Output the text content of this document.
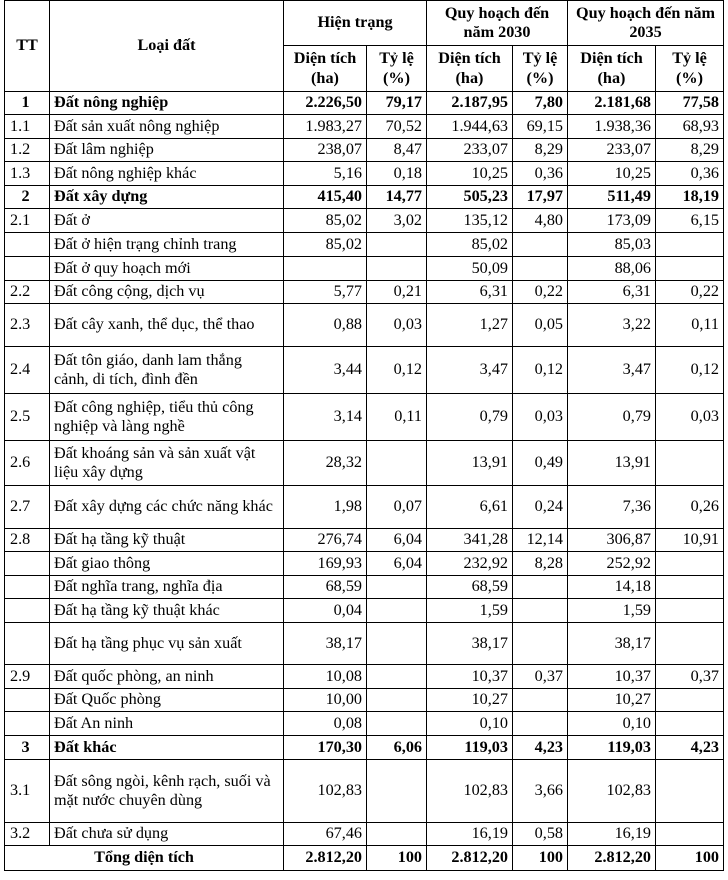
TT	Loại đất	Hiện trạng		Quy hoạch đến năm 2030		Quy hoạch đến năm 2035	
		Diện tích (ha)	Tỷ lệ (%)	Diện tích (ha)	Tỷ lệ (%)	Diện tích (ha)	Tỷ lệ (%)
1	Đất nông nghiệp	2.226,50	79,17	2.187,95	7,80	2.181,68	77,58
1.1	Đất sản xuất nông nghiệp	1.983,27	70,52	1.944,63	69,15	1.938,36	68,93
1.2	Đất lâm nghiệp	238,07	8,47	233,07	8,29	233,07	8,29
1.3	Đất nông nghiệp khác	5,16	0,18	10,25	0,36	10,25	0,36
2	Đất xây dựng	415,40	14,77	505,23	17,97	511,49	18,19
2.1	Đất ở	85,02	3,02	135,12	4,80	173,09	6,15
	Đất ở hiện trạng chỉnh trang	85,02		85,02		85,03	
	Đất ở quy hoạch mới			50,09		88,06	
2.2	Đất công cộng, dịch vụ	5,77	0,21	6,31	0,22	6,31	0,22
2.3	Đất cây xanh, thể dục, thể thao	0,88	0,03	1,27	0,05	3,22	0,11
2.4	Đất tôn giáo, danh lam thắng cảnh, di tích, đình đền	3,44	0,12	3,47	0,12	3,47	0,12
2.5	Đất công nghiệp, tiểu thủ công nghiệp và làng nghề	3,14	0,11	0,79	0,03	0,79	0,03
2.6	Đất khoáng sản và sản xuất vật liệu xây dựng	28,32		13,91	0,49	13,91	
2.7	Đất xây dựng các chức năng khác	1,98	0,07	6,61	0,24	7,36	0,26
2.8	Đất hạ tầng kỹ thuật	276,74	6,04	341,28	12,14	306,87	10,91
	Đất giao thông	169,93	6,04	232,92	8,28	252,92	
	Đất nghĩa trang, nghĩa địa	68,59		68,59		14,18	
	Đất hạ tầng kỹ thuật khác	0,04		1,59		1,59	
	Đất hạ tầng phục vụ sản xuất	38,17		38,17		38,17	
2.9	Đất quốc phòng, an ninh	10,08		10,37	0,37	10,37	0,37
	Đất Quốc phòng	10,00		10,27		10,27	
	Đất An ninh	0,08		0,10		0,10	
3	Đất khác	170,30	6,06	119,03	4,23	119,03	4,23
3.1	Đất sông ngòi, kênh rạch, suối và mặt nước chuyên dùng	102,83		102,83	3,66	102,83	
3.2	Đất chưa sử dụng	67,46		16,19	0,58	16,19	
Tổng diện tích		2.812,20	100	2.812,20	100	2.812,20	100
